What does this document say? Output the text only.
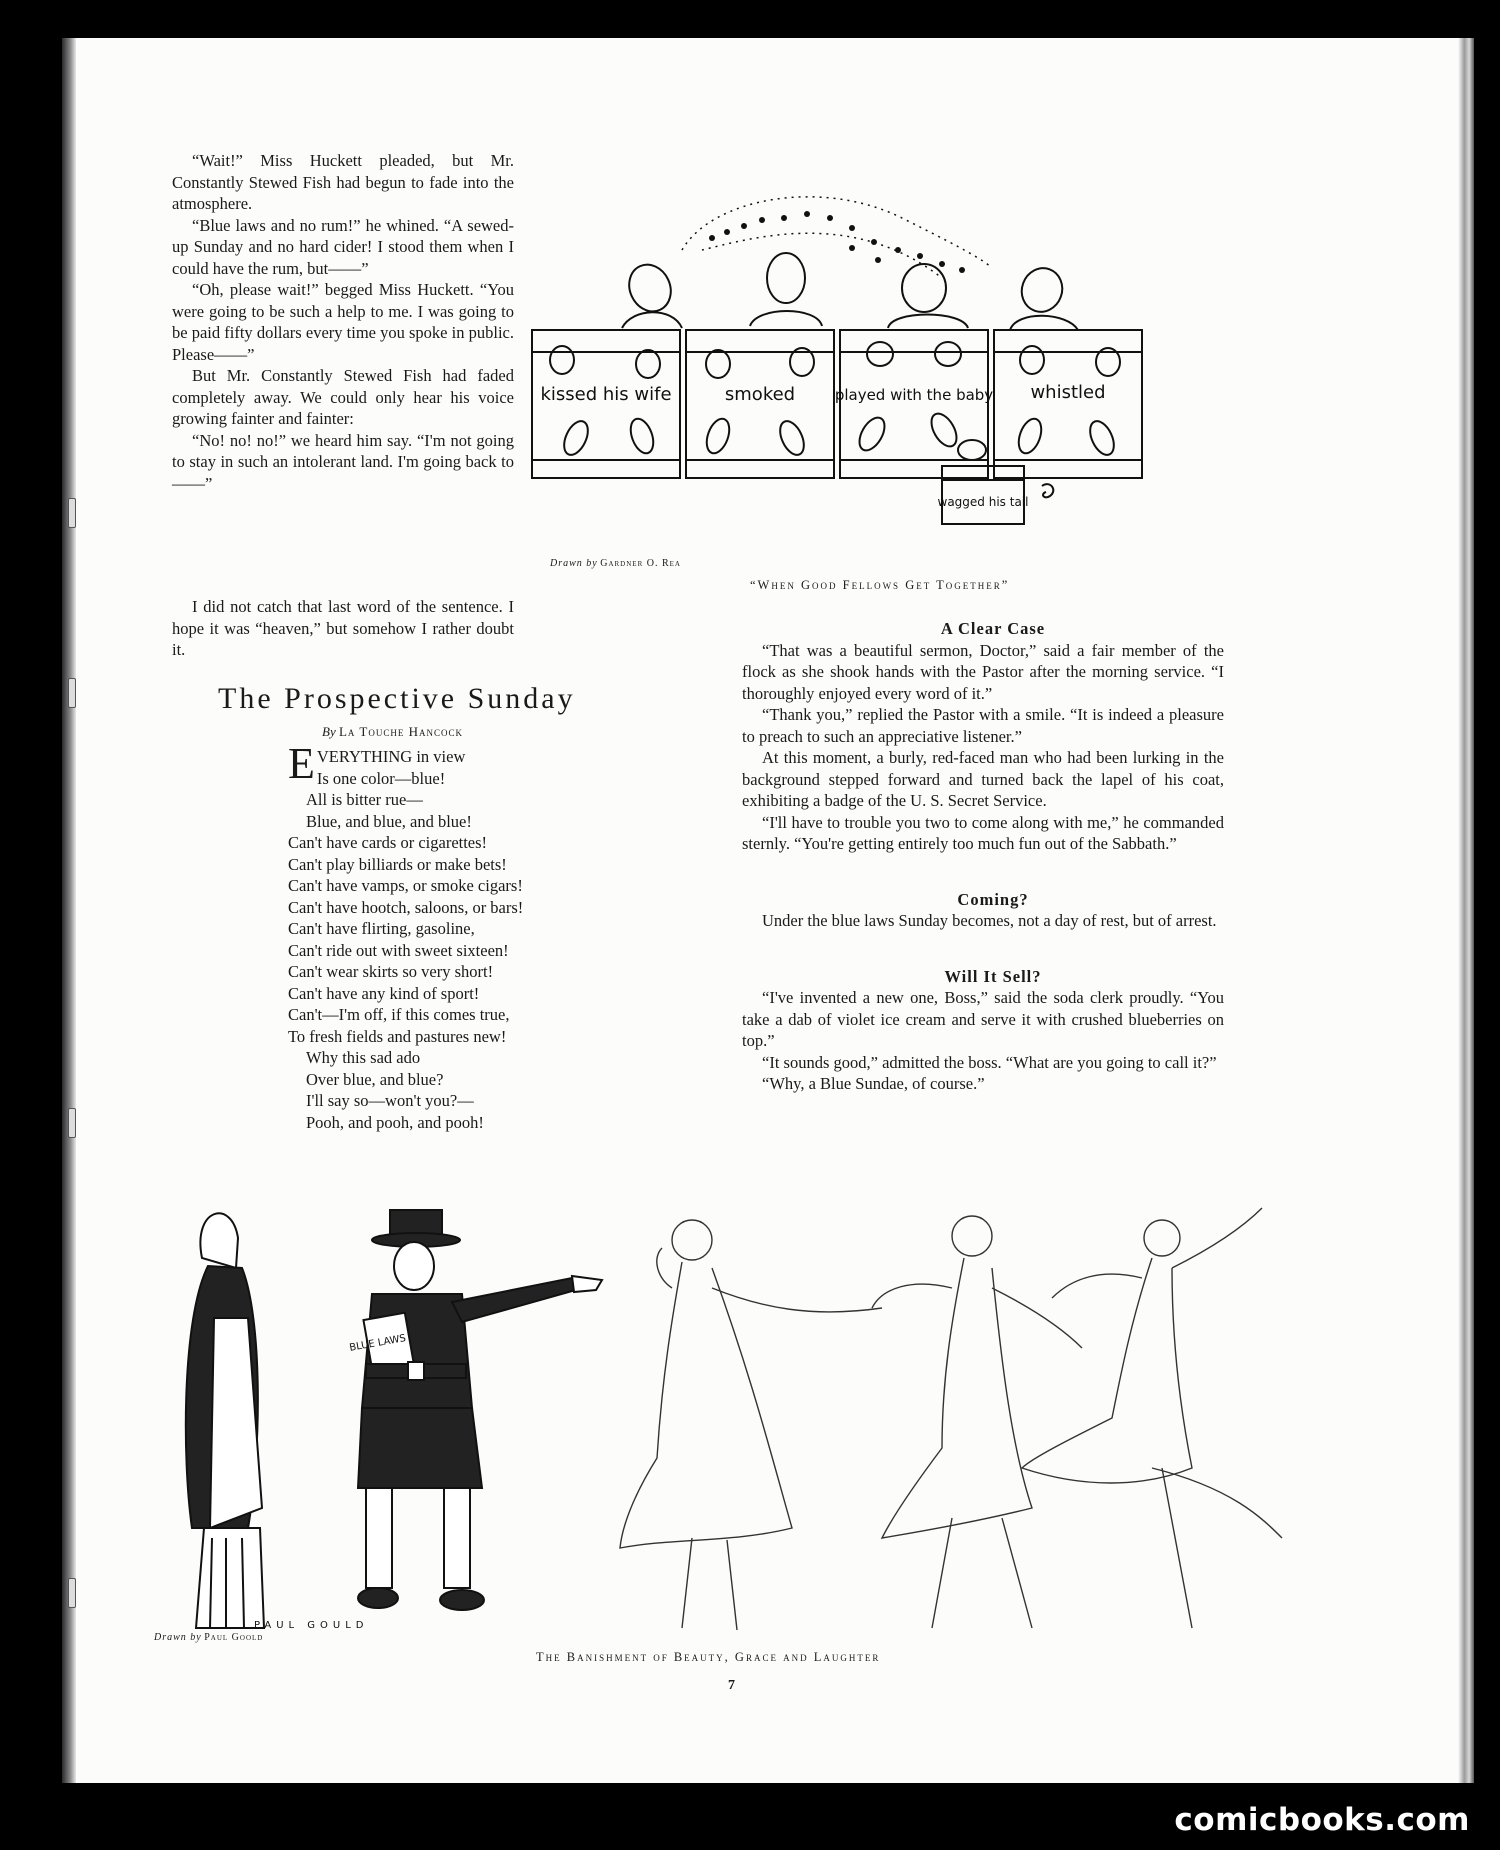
“Wait!” Miss Huckett pleaded, but Mr. Constantly Stewed Fish had begun to fade into the atmosphere.

“Blue laws and no rum!” he whined. “A sewed-up Sunday and no hard cider! I stood them when I could have the rum, but——”

“Oh, please wait!” begged Miss Huckett. “You were going to be such a help to me. I was going to be paid fifty dollars every time you spoke in public. Please——”

But Mr. Constantly Stewed Fish had faded completely away. We could only hear his voice growing fainter and fainter:

“No! no! no!” we heard him say. “I'm not going to stay in such an intolerant land. I'm going back to——”

I did not catch that last word of the sentence. I hope it was “heaven,” but somehow I rather doubt it.

kissed his wife	smoked	played with the baby whistled
wagged his tail
Drawn by Gardner O. Rea
“When Good Fellows Get Together”
The Prospective Sunday
By La Touche Hancock
EVERYTHING in view
Is one color—blue!
All is bitter rue—
Blue, and blue, and blue!
Can't have cards or cigarettes!
Can't play billiards or make bets!
Can't have vamps, or smoke cigars!
Can't have hootch, saloons, or bars!
Can't have flirting, gasoline,
Can't ride out with sweet sixteen!
Can't wear skirts so very short!
Can't have any kind of sport!
Can't—I'm off, if this comes true,
To fresh fields and pastures new!
Why this sad ado
Over blue, and blue?
I'll say so—won't you?—
Pooh, and pooh, and pooh!

A Clear Case

“That was a beautiful sermon, Doctor,” said a fair member of the flock as she shook hands with the Pastor after the morning service. “I thoroughly enjoyed every word of it.”

“Thank you,” replied the Pastor with a smile. “It is indeed a pleasure to preach to such an appreciative listener.”

At this moment, a burly, red-faced man who had been lurking in the background stepped forward and turned back the lapel of his coat, exhibiting a badge of the U. S. Secret Service.

“I'll have to trouble you two to come along with me,” he commanded sternly. “You're getting entirely too much fun out of the Sabbath.”

Coming?

Under the blue laws Sunday becomes, not a day of rest, but of arrest.

Will It Sell?

“I've invented a new one, Boss,” said the soda clerk proudly. “You take a dab of violet ice cream and serve it with crushed blueberries on top.”

“It sounds good,” admitted the boss. “What are you going to call it?”

“Why, a Blue Sundae, of course.”

BLUE LAWS
PAUL GOULD
Drawn by Paul Goold
The Banishment of Beauty, Grace and Laughter
7
comicbooks.com
